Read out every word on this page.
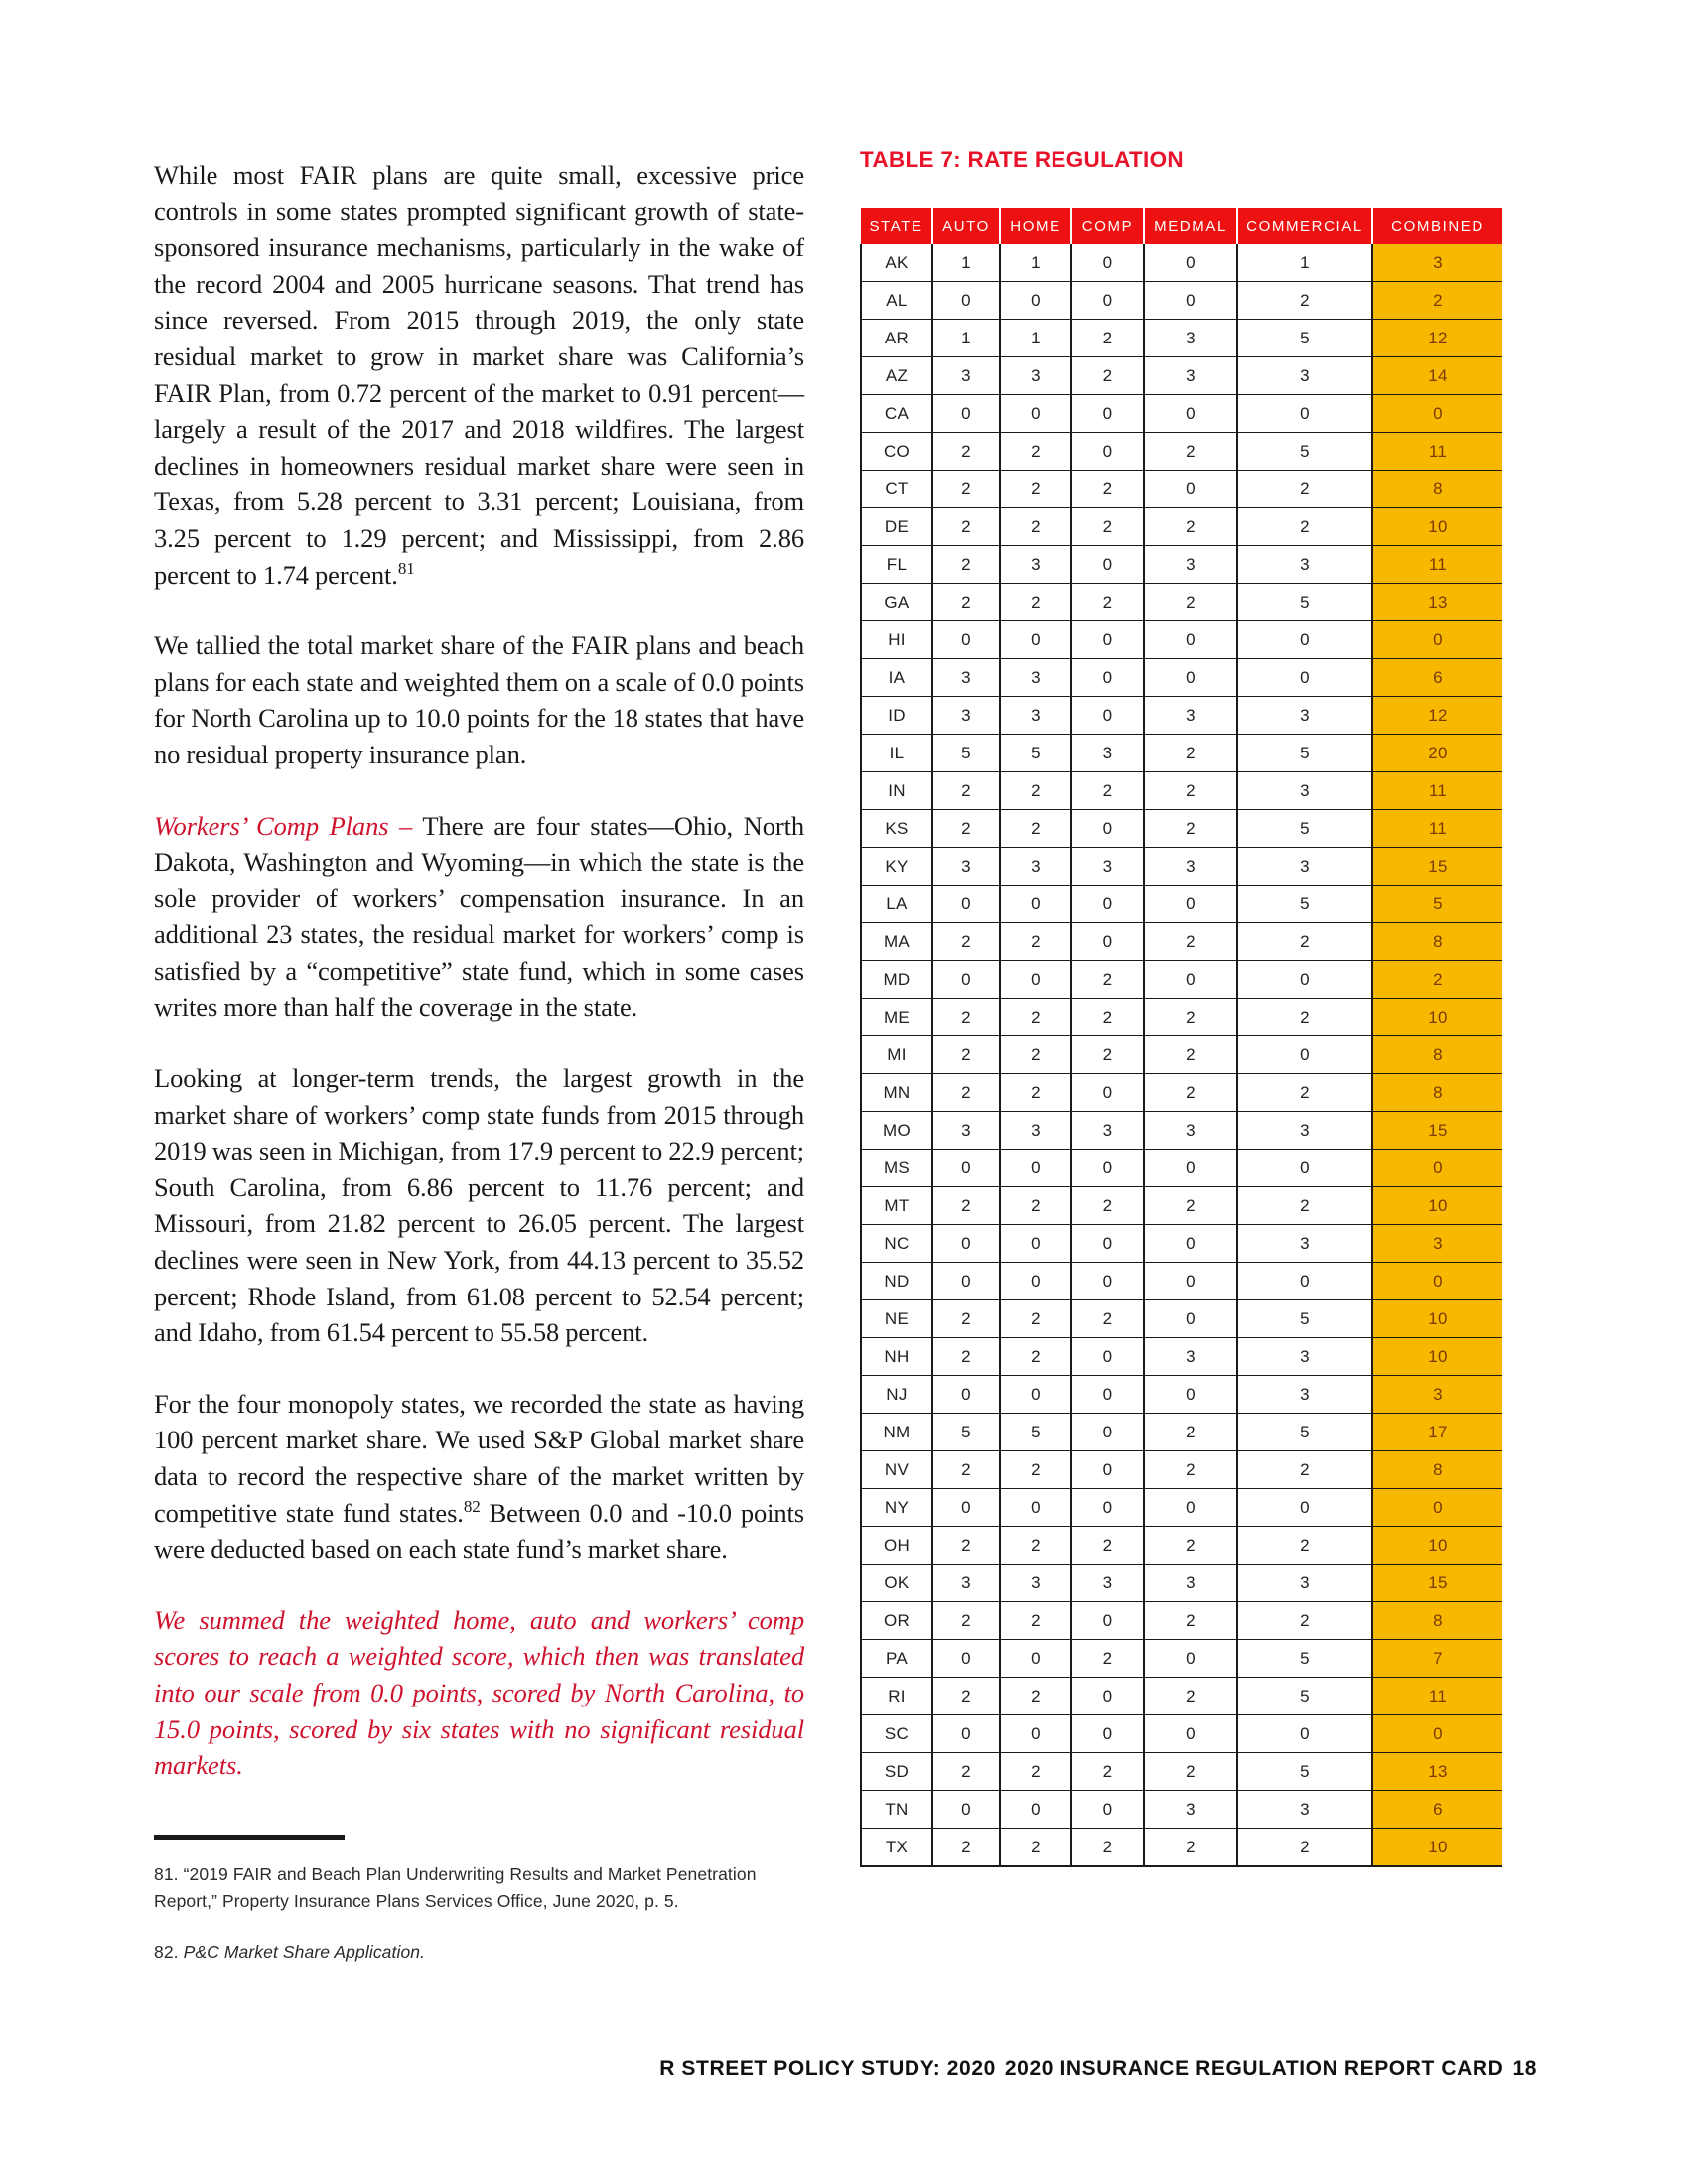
While most FAIR plans are quite small, excessive price controls in some states prompted significant growth of state-sponsored insurance mechanisms, particularly in the wake of the record 2004 and 2005 hurricane seasons. That trend has since reversed. From 2015 through 2019, the only state residual market to grow in market share was California’s FAIR Plan, from 0.72 percent of the market to 0.91 percent—largely a result of the 2017 and 2018 wildfires. The largest declines in homeowners residual market share were seen in Texas, from 5.28 percent to 3.31 percent; Louisiana, from 3.25 percent to 1.29 percent; and Mississippi, from 2.86 percent to 1.74 percent.$^{81}$

We tallied the total market share of the FAIR plans and beach plans for each state and weighted them on a scale of 0.0 points for North Carolina up to 10.0 points for the 18 states that have no residual property insurance plan.

Workers’ Comp Plans – There are four states—Ohio, North Dakota, Washington and Wyoming—in which the state is the sole provider of workers’ compensation insurance. In an additional 23 states, the residual market for workers’ comp is satisfied by a “competitive” state fund, which in some cases writes more than half the coverage in the state.

Looking at longer-term trends, the largest growth in the market share of workers’ comp state funds from 2015 through 2019 was seen in Michigan, from 17.9 percent to 22.9 percent; South Carolina, from 6.86 percent to 11.76 percent; and Missouri, from 21.82 percent to 26.05 percent. The largest declines were seen in New York, from 44.13 percent to 35.52 percent; Rhode Island, from 61.08 percent to 52.54 percent; and Idaho, from 61.54 percent to 55.58 percent.

For the four monopoly states, we recorded the state as having 100 percent market share. We used S&P Global market share data to record the respective share of the market written by competitive state fund states.$^{82}$ Between 0.0 and -10.0 points were deducted based on each state fund’s market share.

We summed the weighted home, auto and workers’ comp scores to reach a weighted score, which then was translated into our scale from 0.0 points, scored by North Carolina, to 15.0 points, scored by six states with no significant residual markets.

81. “2019 FAIR and Beach Plan Underwriting Results and Market Penetration Report,” Property Insurance Plans Services Office, June 2020, p. 5.

82. P&C Market Share Application.

R STREET POLICY STUDY: 2020 2020 INSURANCE REGULATION REPORT CARD 18
TABLE 7: RATE REGULATION
STATE	AUTO	HOME	COMP	MEDMAL	COMMERCIAL	COMBINED
AK	1	1	0	0	1	3
AL	0	0	0	0	2	2
AR	1	1	2	3	5	12
AZ	3	3	2	3	3	14
CA	0	0	0	0	0	0
CO	2	2	0	2	5	11
CT	2	2	2	0	2	8
DE	2	2	2	2	2	10
FL	2	3	0	3	3	11
GA	2	2	2	2	5	13
HI	0	0	0	0	0	0
IA	3	3	0	0	0	6
ID	3	3	0	3	3	12
IL	5	5	3	2	5	20
IN	2	2	2	2	3	11
KS	2	2	0	2	5	11
KY	3	3	3	3	3	15
LA	0	0	0	0	5	5
MA	2	2	0	2	2	8
MD	0	0	2	0	0	2
ME	2	2	2	2	2	10
MI	2	2	2	2	0	8
MN	2	2	0	2	2	8
MO	3	3	3	3	3	15
MS	0	0	0	0	0	0
MT	2	2	2	2	2	10
NC	0	0	0	0	3	3
ND	0	0	0	0	0	0
NE	2	2	2	0	5	10
NH	2	2	0	3	3	10
NJ	0	0	0	0	3	3
NM	5	5	0	2	5	17
NV	2	2	0	2	2	8
NY	0	0	0	0	0	0
OH	2	2	2	2	2	10
OK	3	3	3	3	3	15
OR	2	2	0	2	2	8
PA	0	0	2	0	5	7
RI	2	2	0	2	5	11
SC	0	0	0	0	0	0
SD	2	2	2	2	5	13
TN	0	0	0	3	3	6
TX	2	2	2	2	2	10
